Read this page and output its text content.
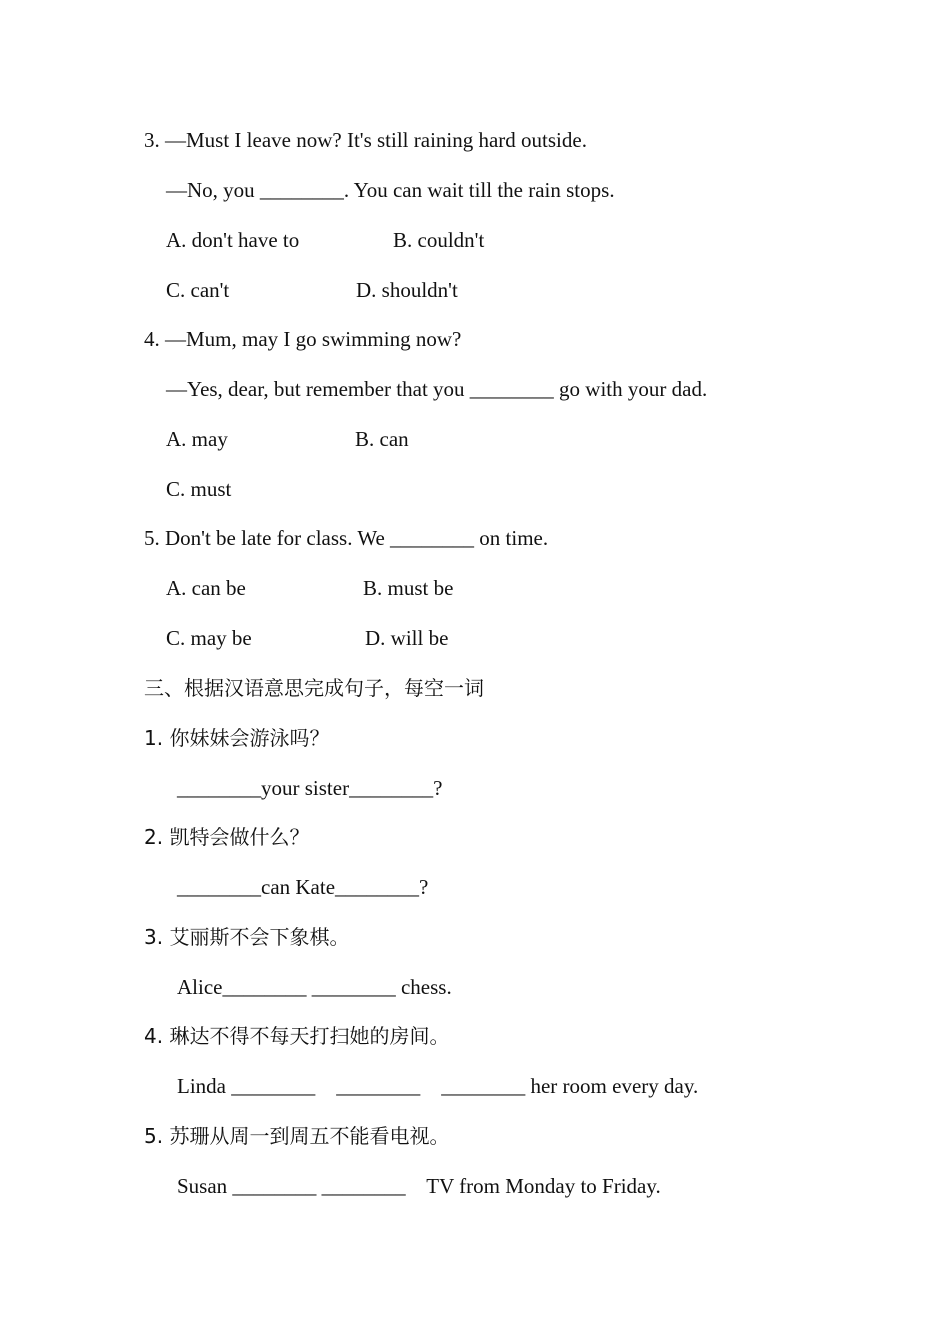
3. —Must I leave now? It's still raining hard outside.
—No, you ________. You can wait till the rain stops.
A. don't have to	B. couldn't
C. can't	D. shouldn't
4. —Mum, may I go swimming now?
—Yes, dear, but remember that you ________ go with your dad.
A. may	B. can
C. must
5. Don't be late for class. We ________ on time.
A. can be	B. must be
C. may be	D. will be
三、根据汉语意思完成句子，每空一词
1. 你妹妹会游泳吗？
________your sister________?
2. 凯特会做什么？
________can Kate________?
3. 艾丽斯不会下象棋。
Alice________ ________ chess.
4. 琳达不得不每天打扫她的房间。
Linda ________    ________    ________ her room every day.
5. 苏珊从周一到周五不能看电视。
Susan ________ ________    TV from Monday to Friday.
